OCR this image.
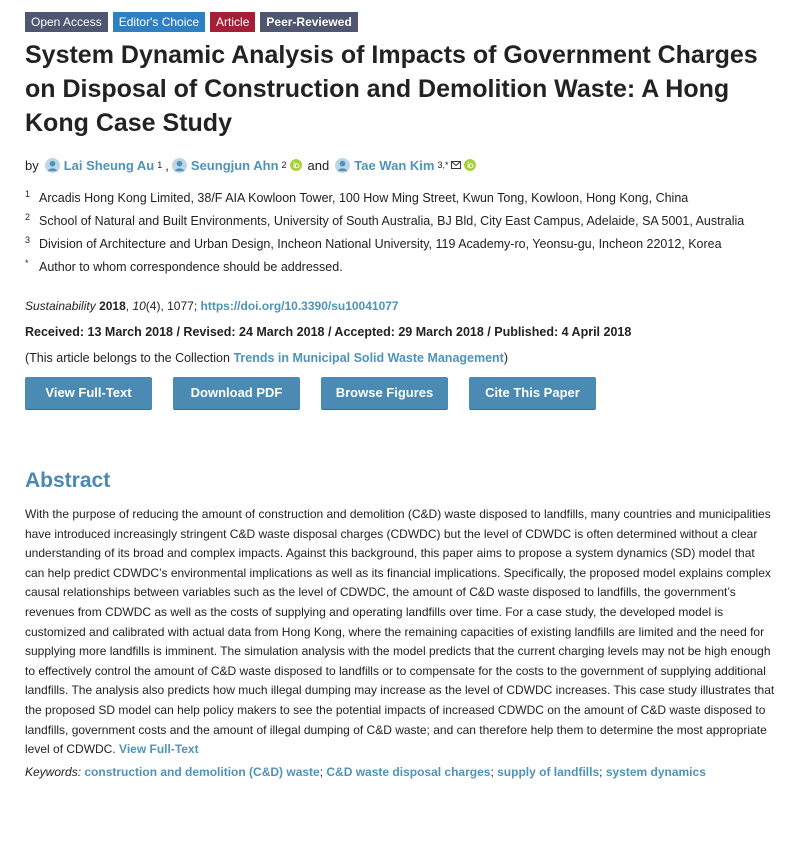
Open Access	Editor's Choice	Article	Peer-Reviewed
System Dynamic Analysis of Impacts of Government Charges on Disposal of Construction and Demolition Waste: A Hong Kong Case Study
by Lai Sheung Au 1 , Seungjun Ahn 2 and Tae Wan Kim 3,*
1 Arcadis Hong Kong Limited, 38/F AIA Kowloon Tower, 100 How Ming Street, Kwun Tong, Kowloon, Hong Kong, China
2 School of Natural and Built Environments, University of South Australia, BJ Bld, City East Campus, Adelaide, SA 5001, Australia
3 Division of Architecture and Urban Design, Incheon National University, 119 Academy-ro, Yeonsu-gu, Incheon 22012, Korea
* Author to whom correspondence should be addressed.
Sustainability 2018, 10(4), 1077; https://doi.org/10.3390/su10041077
Received: 13 March 2018 / Revised: 24 March 2018 / Accepted: 29 March 2018 / Published: 4 April 2018
(This article belongs to the Collection Trends in Municipal Solid Waste Management)
View Full-Text	Download PDF	Browse Figures	Cite This Paper
Abstract
With the purpose of reducing the amount of construction and demolition (C&D) waste disposed to landfills, many countries and municipalities have introduced increasingly stringent C&D waste disposal charges (CDWDC) but the level of CDWDC is often determined without a clear understanding of its broad and complex impacts. Against this background, this paper aims to propose a system dynamics (SD) model that can help predict CDWDC’s environmental implications as well as its financial implications. Specifically, the proposed model explains complex causal relationships between variables such as the level of CDWDC, the amount of C&D waste disposed to landfills, the government’s revenues from CDWDC as well as the costs of supplying and operating landfills over time. For a case study, the developed model is customized and calibrated with actual data from Hong Kong, where the remaining capacities of existing landfills are limited and the need for supplying more landfills is imminent. The simulation analysis with the model predicts that the current charging levels may not be high enough to effectively control the amount of C&D waste disposed to landfills or to compensate for the costs to the government of supplying additional landfills. The analysis also predicts how much illegal dumping may increase as the level of CDWDC increases. This case study illustrates that the proposed SD model can help policy makers to see the potential impacts of increased CDWDC on the amount of C&D waste disposed to landfills, government costs and the amount of illegal dumping of C&D waste; and can therefore help them to determine the most appropriate level of CDWDC. View Full-Text
Keywords: construction and demolition (C&D) waste; C&D waste disposal charges; supply of landfills; system dynamics
